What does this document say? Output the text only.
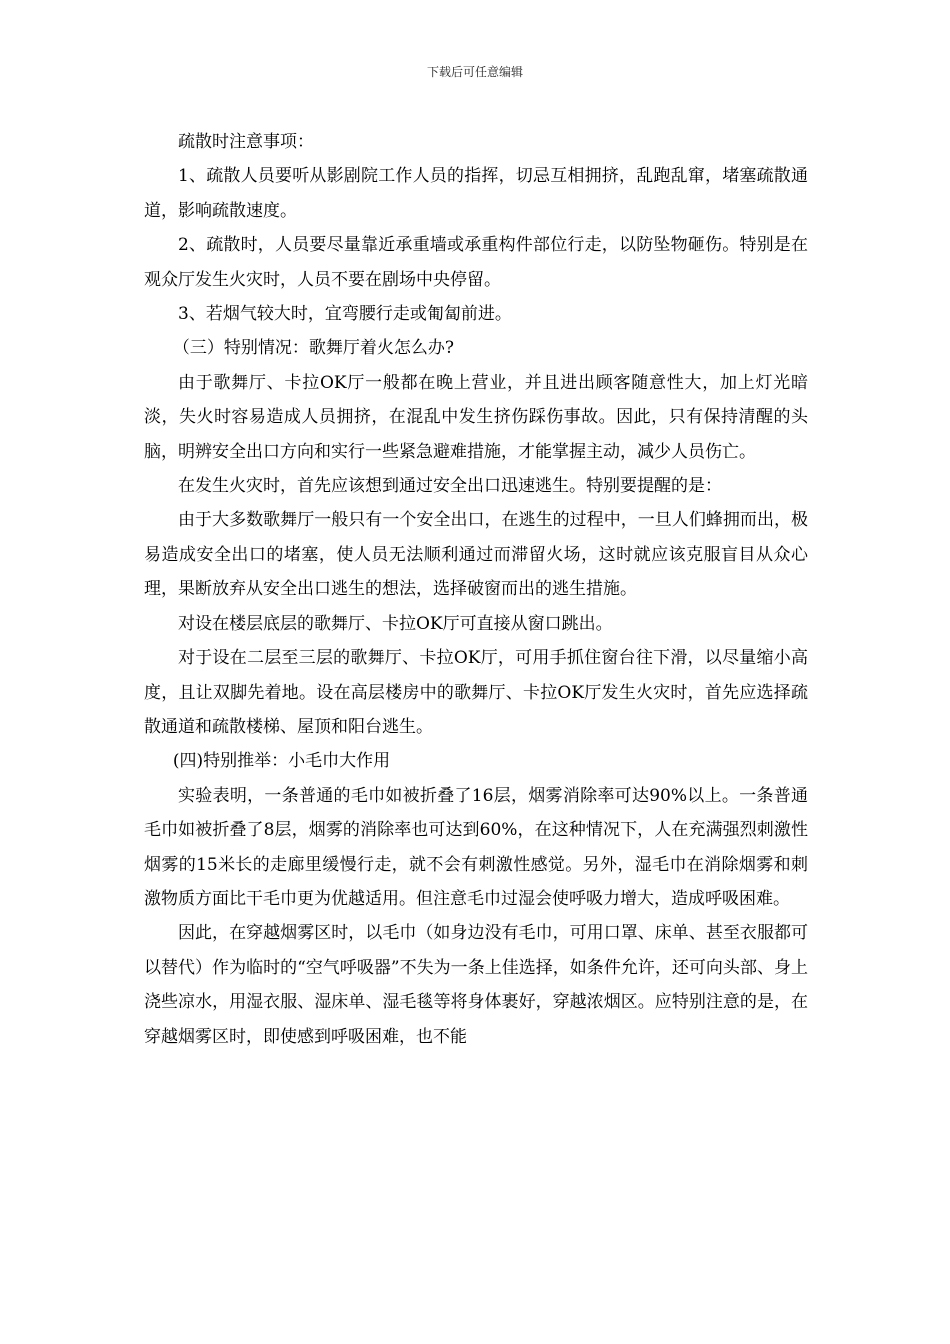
下载后可任意编辑

疏散时注意事项：

1、疏散人员要听从影剧院工作人员的指挥，切忌互相拥挤，乱跑乱窜，堵塞疏散通道，影响疏散速度。

2、疏散时，人员要尽量靠近承重墙或承重构件部位行走，以防坠物砸伤。特别是在观众厅发生火灾时，人员不要在剧场中央停留。

3、若烟气较大时，宜弯腰行走或匍匐前进。

（三）特别情况：歌舞厅着火怎么办?

由于歌舞厅、卡拉OK厅一般都在晚上营业，并且进出顾客随意性大，加上灯光暗淡，失火时容易造成人员拥挤，在混乱中发生挤伤踩伤事故。因此，只有保持清醒的头脑，明辨安全出口方向和实行一些紧急避难措施，才能掌握主动，减少人员伤亡。

在发生火灾时，首先应该想到通过安全出口迅速逃生。特别要提醒的是：

由于大多数歌舞厅一般只有一个安全出口，在逃生的过程中，一旦人们蜂拥而出，极易造成安全出口的堵塞，使人员无法顺利通过而滞留火场，这时就应该克服盲目从众心理，果断放弃从安全出口逃生的想法，选择破窗而出的逃生措施。

对设在楼层底层的歌舞厅、卡拉OK厅可直接从窗口跳出。

对于设在二层至三层的歌舞厅、卡拉OK厅，可用手抓住窗台往下滑，以尽量缩小高度，且让双脚先着地。设在高层楼房中的歌舞厅、卡拉OK厅发生火灾时，首先应选择疏散通道和疏散楼梯、屋顶和阳台逃生。

(四)特别推举：小毛巾大作用

实验表明，一条普通的毛巾如被折叠了16层，烟雾消除率可达90%以上。一条普通毛巾如被折叠了8层，烟雾的消除率也可达到60%，在这种情况下，人在充满强烈刺激性烟雾的15米长的走廊里缓慢行走，就不会有刺激性感觉。另外，湿毛巾在消除烟雾和刺激物质方面比干毛巾更为优越适用。但注意毛巾过湿会使呼吸力增大，造成呼吸困难。

因此，在穿越烟雾区时，以毛巾（如身边没有毛巾，可用口罩、床单、甚至衣服都可以替代）作为临时的“空气呼吸器”不失为一条上佳选择，如条件允许，还可向头部、身上浇些凉水，用湿衣服、湿床单、湿毛毯等将身体裹好，穿越浓烟区。应特别注意的是，在穿越烟雾区时，即使感到呼吸困难，也不能
